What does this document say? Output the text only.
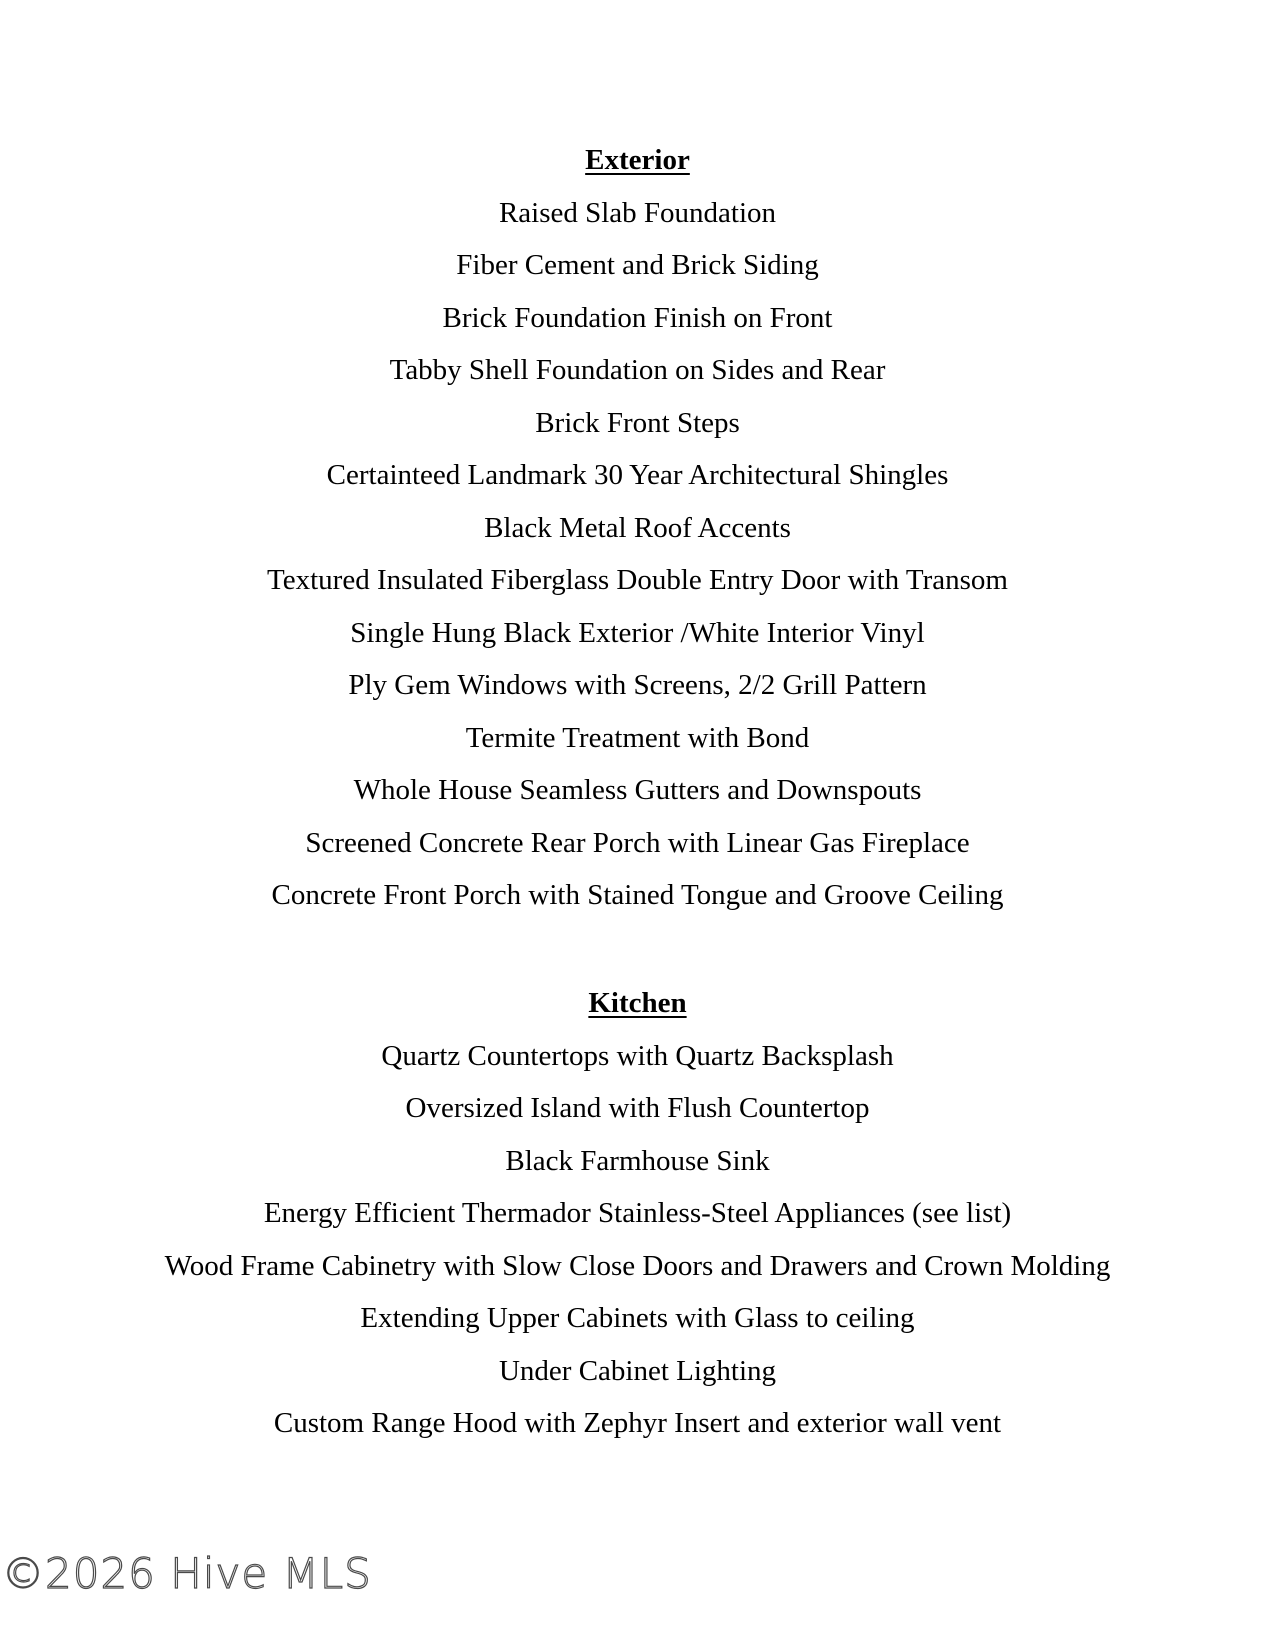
Exterior
Raised Slab Foundation
Fiber Cement and Brick Siding
Brick Foundation Finish on Front
Tabby Shell Foundation on Sides and Rear
Brick Front Steps
Certainteed Landmark 30 Year Architectural Shingles
Black Metal Roof Accents
Textured Insulated Fiberglass Double Entry Door with Transom
Single Hung Black Exterior /White Interior Vinyl
Ply Gem Windows with Screens, 2/2 Grill Pattern
Termite Treatment with Bond
Whole House Seamless Gutters and Downspouts
Screened Concrete Rear Porch with Linear Gas Fireplace
Concrete Front Porch with Stained Tongue and Groove Ceiling
Kitchen
Quartz Countertops with Quartz Backsplash
Oversized Island with Flush Countertop
Black Farmhouse Sink
Energy Efficient Thermador Stainless-Steel Appliances (see list)
Wood Frame Cabinetry with Slow Close Doors and Drawers and Crown Molding
Extending Upper Cabinets with Glass to ceiling
Under Cabinet Lighting
Custom Range Hood with Zephyr Insert and exterior wall vent
©2026 Hive MLS
